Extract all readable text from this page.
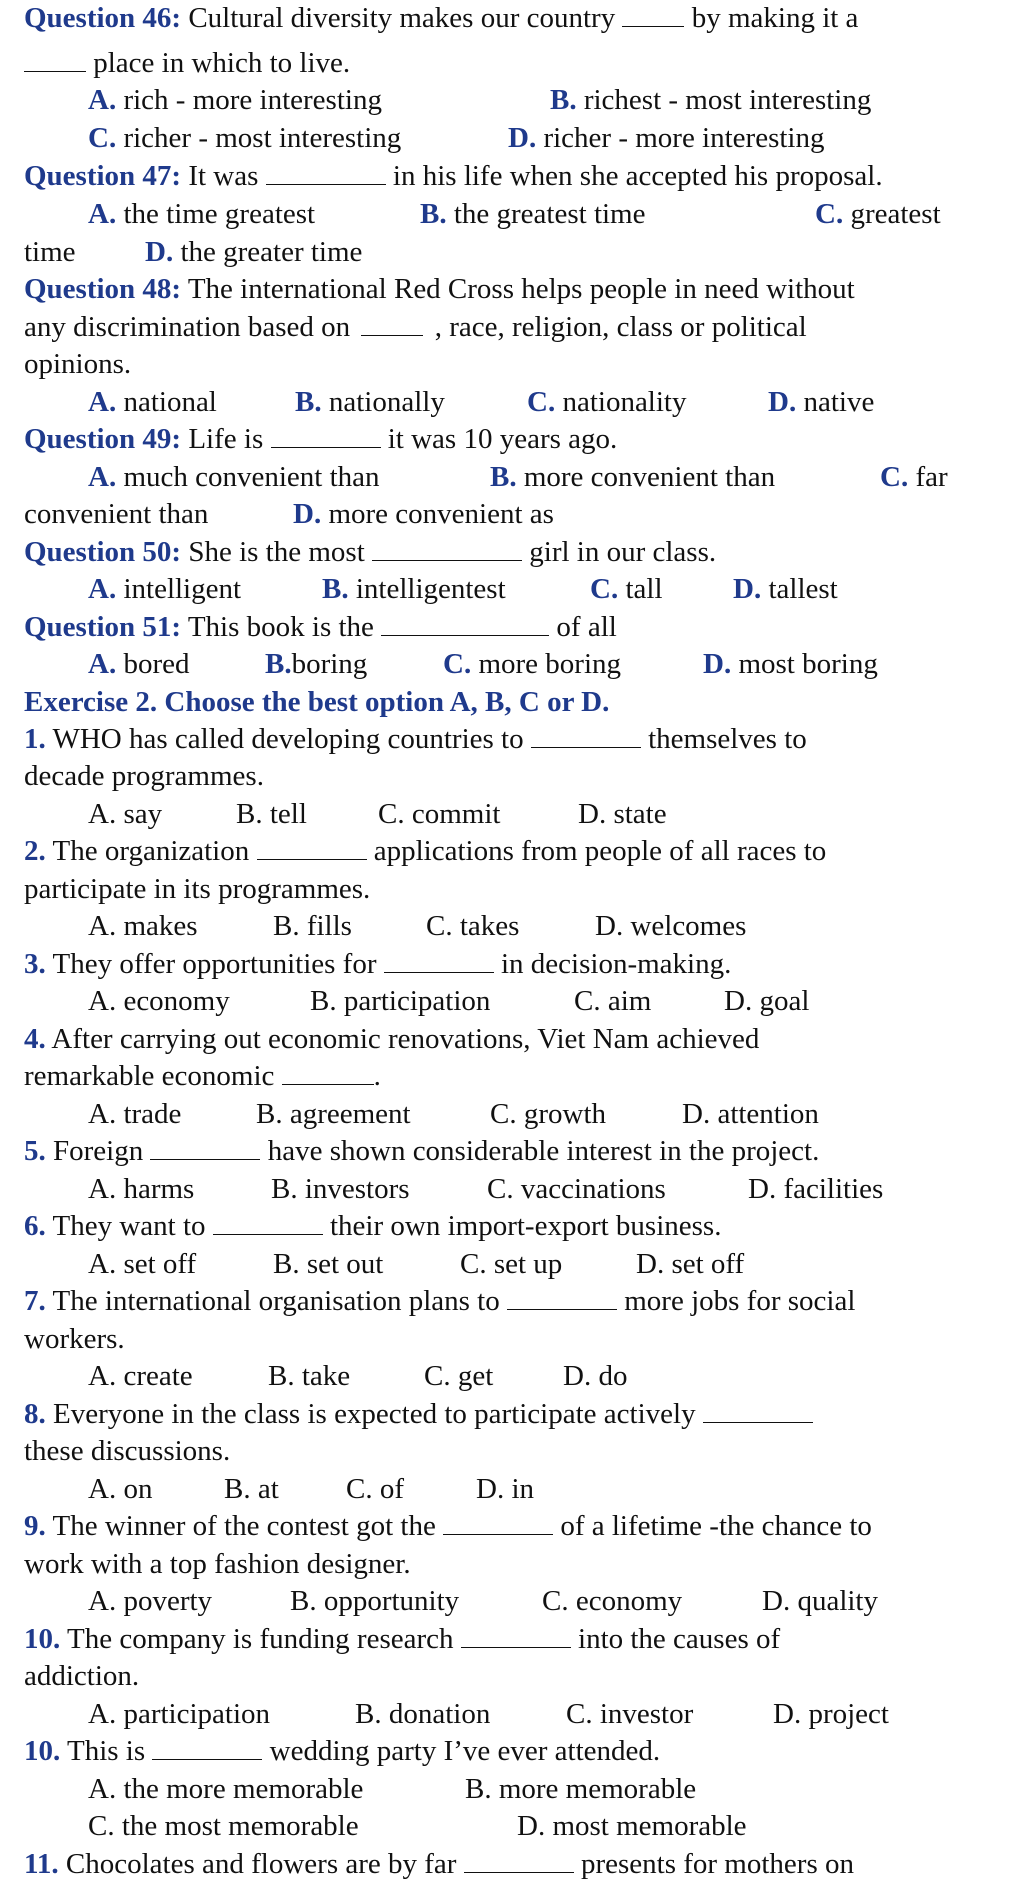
Question 46: Cultural diversity makes our country	by making it a
place in which to live.
A. rich - more interesting	B. richest - most interesting
C. richer - most interesting	D. richer - more interesting
Question 47: It was	in his life when she accepted his proposal.
A. the time greatest	B. the greatest time	C. greatest
time D. the greater time
Question 48: The international Red Cross helps people in need without
any discrimination based on	, race, religion, class or political
opinions.
A. national	B. nationally	C. nationality	D. native
Question 49: Life is	it was 10 years ago.
A. much convenient than	B. more convenient than	C. far
convenient than	D. more convenient as
Question 50: She is the most	girl in our class.
A. intelligent	B. intelligentest	C. tall D. tallest
Question 51: This book is the	of all
A. bored	B.boring	C. more boring	D. most boring
Exercise 2. Choose the best option A, B, C or D.
1. WHO has called developing countries to	themselves to
decade programmes.
A. say	B. tell C. commit	D. state
2. The organization	applications from people of all races to
participate in its programmes.
A. makes	B. fills	C. takes	D. welcomes
3. They offer opportunities for	in decision-making.
A. economy	B. participation	C. aim	D. goal
4. After carrying out economic renovations, Viet Nam achieved
remarkable economic	.
A. trade	B. agreement	C. growth	D. attention
5. Foreign	have shown considerable interest in the project.
A. harms	B. investors	C. vaccinations	D. facilities
6. They want to	their own import-export business.
A. set off	B. set out	C. set up	D. set off
7. The international organisation plans to	more jobs for social
workers.
A. create	B. take	C. get D. do
8. Everyone in the class is expected to participate actively
these discussions.
A. on B. at C. of D. in
9. The winner of the contest got the	of a lifetime -the chance to
work with a top fashion designer.
A. poverty	B. opportunity	C. economy	D. quality
10. The company is funding research	into the causes of
addiction.
A. participation	B. donation	C. investor	D. project
10. This is	wedding party I’ve ever attended.
A. the more memorable	B. more memorable
C. the most memorable	D. most memorable
11. Chocolates and flowers are by far	presents for mothers on
